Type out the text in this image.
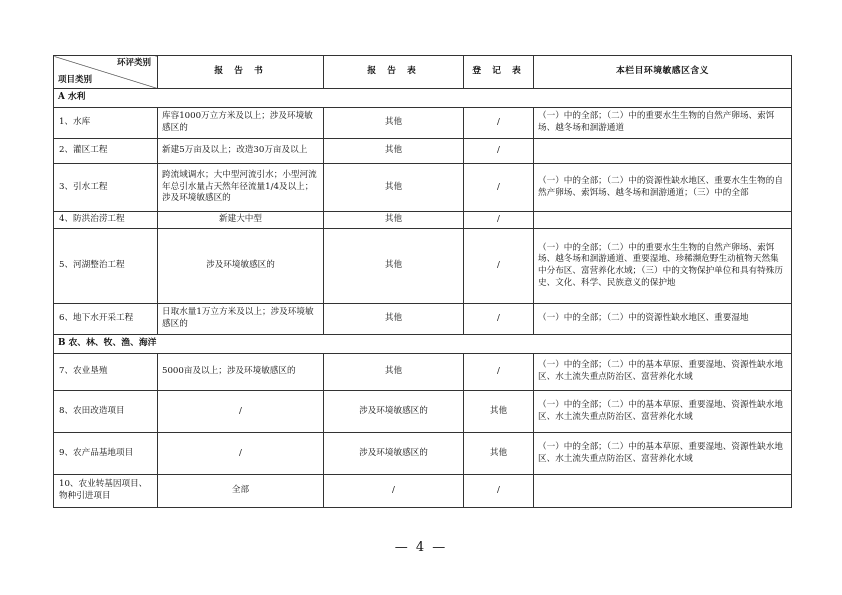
环评类别
项目类别	报 告 书	报 告 表	登 记 表	本栏目环境敏感区含义
A 水利				
1、水库	库容1000万立方米及以上；涉及环境敏感区的	其他	/	（一）中的全部；（二）中的重要水生生物的自然产卵场、索饵场、越冬场和洄游通道
2、灌区工程	新建5万亩及以上；改造30万亩及以上	其他	/	
3、引水工程	跨流域调水；大中型河流引水；小型河流年总引水量占天然年径流量1/4及以上；涉及环境敏感区的	其他	/	（一）中的全部；（二）中的资源性缺水地区、重要水生生物的自然产卵场、索饵场、越冬场和洄游通道；（三）中的全部
4、防洪治涝工程	新建大中型	其他	/	
5、河湖整治工程	涉及环境敏感区的	其他	/	（一）中的全部；（二）中的重要水生生物的自然产卵场、索饵场、越冬场和洄游通道、重要湿地、珍稀濒危野生动植物天然集中分布区、富营养化水域；（三）中的文物保护单位和具有特殊历史、文化、科学、民族意义的保护地
6、地下水开采工程	日取水量1万立方米及以上；涉及环境敏感区的	其他	/	（一）中的全部；（二）中的资源性缺水地区、重要湿地
B 农、林、牧、渔、海洋				
7、农业垦殖	5000亩及以上；涉及环境敏感区的	其他	/	（一）中的全部；（二）中的基本草原、重要湿地、资源性缺水地区、水土流失重点防治区、富营养化水域
8、农田改造项目	/	涉及环境敏感区的	其他	（一）中的全部；（二）中的基本草原、重要湿地、资源性缺水地区、水土流失重点防治区、富营养化水域
9、农产品基地项目	/	涉及环境敏感区的	其他	（一）中的全部；（二）中的基本草原、重要湿地、资源性缺水地区、水土流失重点防治区、富营养化水域
10、农业转基因项目、物种引进项目	全部	/	/	
— 4 —
